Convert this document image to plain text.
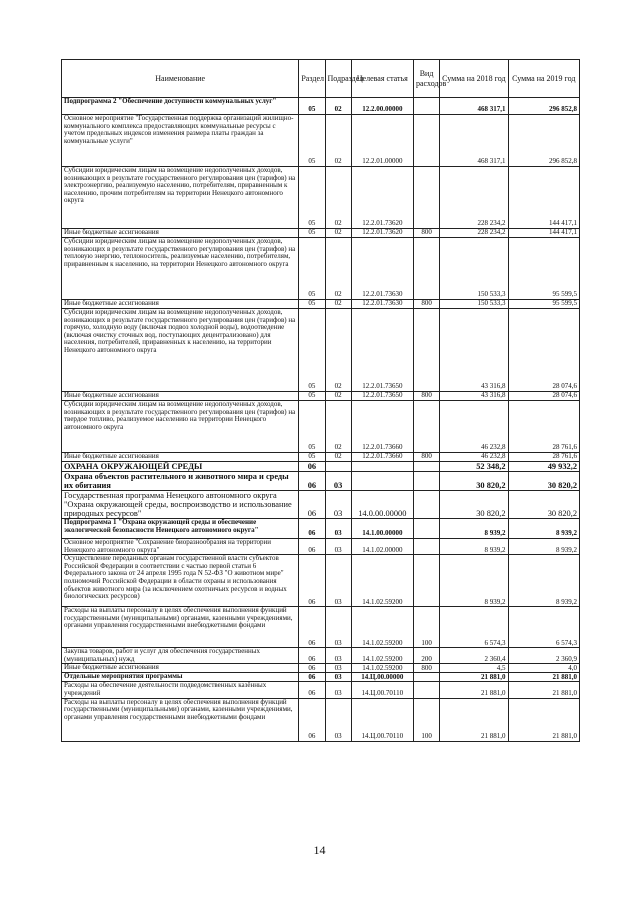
Наименование	Раздел	Подраздел	Целевая статья	Вид расходов	Сумма на 2018 год	Сумма на 2019 год
Подпрограмма 2 "Обеспечение доступности коммунальных услуг"	05	02	12.2.00.00000		468 317,1	296 852,8
Основное мероприятие "Государственная поддержка организаций жилищно-коммунального комплекса предоставляющих коммунальные ресурсы с учетом предельных индексов изменения размера платы граждан за коммунальные услуги"	05	02	12.2.01.00000		468 317,1	296 852,8
Субсидии юридическим лицам на возмещение недополученных доходов, возникающих в результате государственного регулирования цен (тарифов) на электроэнергию, реализуемую населению, потребителям, приравненным к населению, прочим потребителям на территории Ненецкого автономного округа	05	02	12.2.01.73620		228 234,2	144 417,1
Иные бюджетные ассигнования	05	02	12.2.01.73620	800	228 234,2	144 417,1
Субсидии юридическим лицам на возмещение недополученных доходов, возникающих в результате государственного регулирования цен (тарифов) на тепловую энергию, теплоноситель, реализуемые населению, потребителям, приравненным к населению, на территории Ненецкого автономного округа	05	02	12.2.01.73630		150 533,3	95 599,5
Иные бюджетные ассигнования	05	02	12.2.01.73630	800	150 533,3	95 599,5
Субсидии юридическим лицам на возмещение недополученных доходов, возникающих в результате государственного регулирования цен (тарифов) на горячую, холодную воду (включая подвоз холодной воды), водоотведение (включая очистку сточных вод, поступающих децентрализовано) для населения, потребителей, приравненных к населению, на территории Ненецкого автономного округа	05	02	12.2.01.73650		43 316,8	28 074,6
Иные бюджетные ассигнования	05	02	12.2.01.73650	800	43 316,8	28 074,6
Субсидии юридическим лицам на возмещение недополученных доходов, возникающих в результате государственного регулирования цен (тарифов) на твердое топливо, реализуемое населению на территории Ненецкого автономного округа	05	02	12.2.01.73660		46 232,8	28 761,6
Иные бюджетные ассигнования	05	02	12.2.01.73660	800	46 232,8	28 761,6
ОХРАНА ОКРУЖАЮЩЕЙ СРЕДЫ	06				52 348,2	49 932,2
Охрана объектов растительного и животного мира и среды их обитания	06	03			30 820,2	30 820,2
Государственная программа Ненецкого автономного округа "Охрана окружающей среды, воспроизводство и использование природных ресурсов"	06	03	14.0.00.00000		30 820,2	30 820,2
Подпрограмма 1 "Охрана окружающей среды и обеспечение экологической безопасности Ненецкого автономного округа"	06	03	14.1.00.00000		8 939,2	8 939,2
Основное мероприятие "Сохранение биоразнообразия на территории Ненецкого автономного округа"	06	03	14.1.02.00000		8 939,2	8 939,2
Осуществление переданных органам государственной власти субъектов Российской Федерации в соответствии с частью первой статьи 6 Федерального закона от 24 апреля 1995 года N 52-ФЗ "О животном мире" полномочий Российской Федерации в области охраны и использования объектов животного мира (за исключением охотничьих ресурсов и водных биологических ресурсов)	06	03	14.1.02.59200		8 939,2	8 939,2
Расходы на выплаты персоналу в целях обеспечения выполнения функций государственными (муниципальными) органами, казенными учреждениями, органами управления государственными внебюджетными фондами	06	03	14.1.02.59200	100	6 574,3	6 574,3
Закупка товаров, работ и услуг для обеспечения государственных (муниципальных) нужд	06	03	14.1.02.59200	200	2 360,4	2 360,9
Иные бюджетные ассигнования	06	03	14.1.02.59200	800	4,5	4,0
Отдельные мероприятия программы	06	03	14.Ц.00.00000		21 881,0	21 881,0
Расходы на обеспечение деятельности подведомственных казённых учреждений	06	03	14.Ц.00.70110		21 881,0	21 881,0
Расходы на выплаты персоналу в целях обеспечения выполнения функций государственными (муниципальными) органами, казенными учреждениями, органами управления государственными внебюджетными фондами	06	03	14.Ц.00.70110	100	21 881,0	21 881,0
14
